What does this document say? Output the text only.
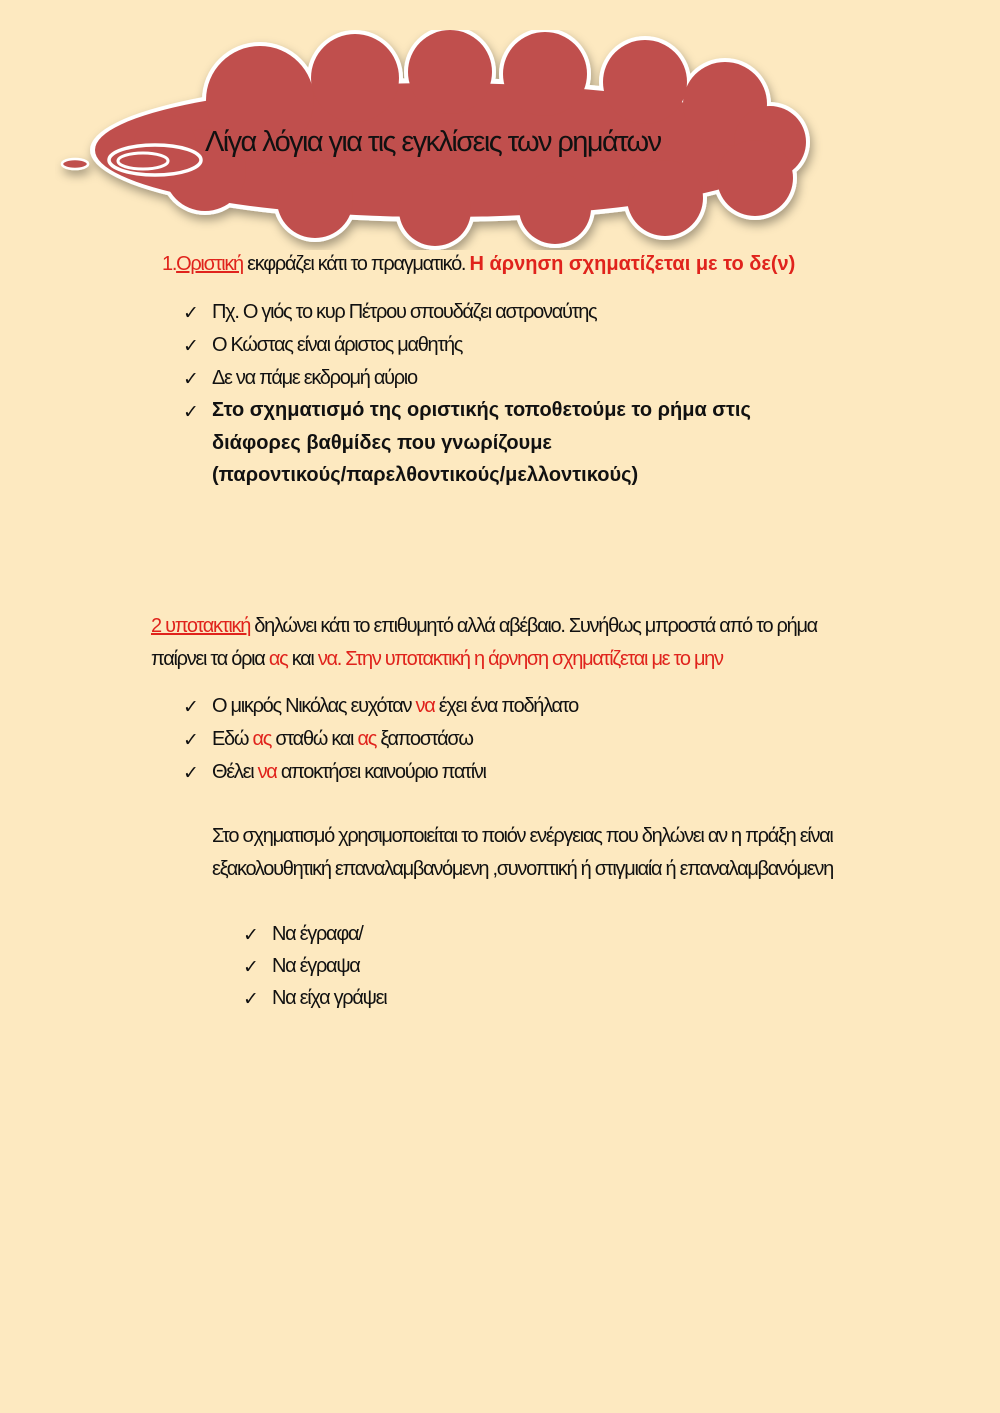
Λίγα λόγια για τις εγκλίσεις των ρημάτων
1.Οριστική εκφράζει κάτι το πραγματικό. Η άρνηση σχηματίζεται με το δε(ν)
✓ Πχ. Ο γιός το κυρ Πέτρου σπουδάζει αστροναύτης
✓ Ο Κώστας είναι άριστος μαθητής
✓ Δε να πάμε εκδρομή αύριο
✓ Στο σχηματισμό της οριστικής τοποθετούμε το ρήμα στις
διάφορες βαθμίδες που γνωρίζουμε
(παροντικούς/παρελθοντικούς/μελλοντικούς)
2 υποτακτική δηλώνει κάτι το επιθυμητό αλλά αβέβαιο. Συνήθως μπροστά από το ρήμα
παίρνει τα όρια ας και να. Στην υποτακτική η άρνηση σχηματίζεται με το μην
✓ Ο μικρός Νικόλας ευχόταν να έχει ένα ποδήλατο
✓ Εδώ ας σταθώ και ας ξαποστάσω
✓ Θέλει να αποκτήσει καινούριο πατίνι
Στο σχηματισμό χρησιμοποιείται το ποιόν ενέργειας που δηλώνει αν η πράξη είναι
εξακολουθητική επαναλαμβανόμενη ,συνοπτική ή στιγμιαία ή επαναλαμβανόμενη
✓ Να έγραφα/
✓ Να έγραψα
✓ Να είχα γράψει
